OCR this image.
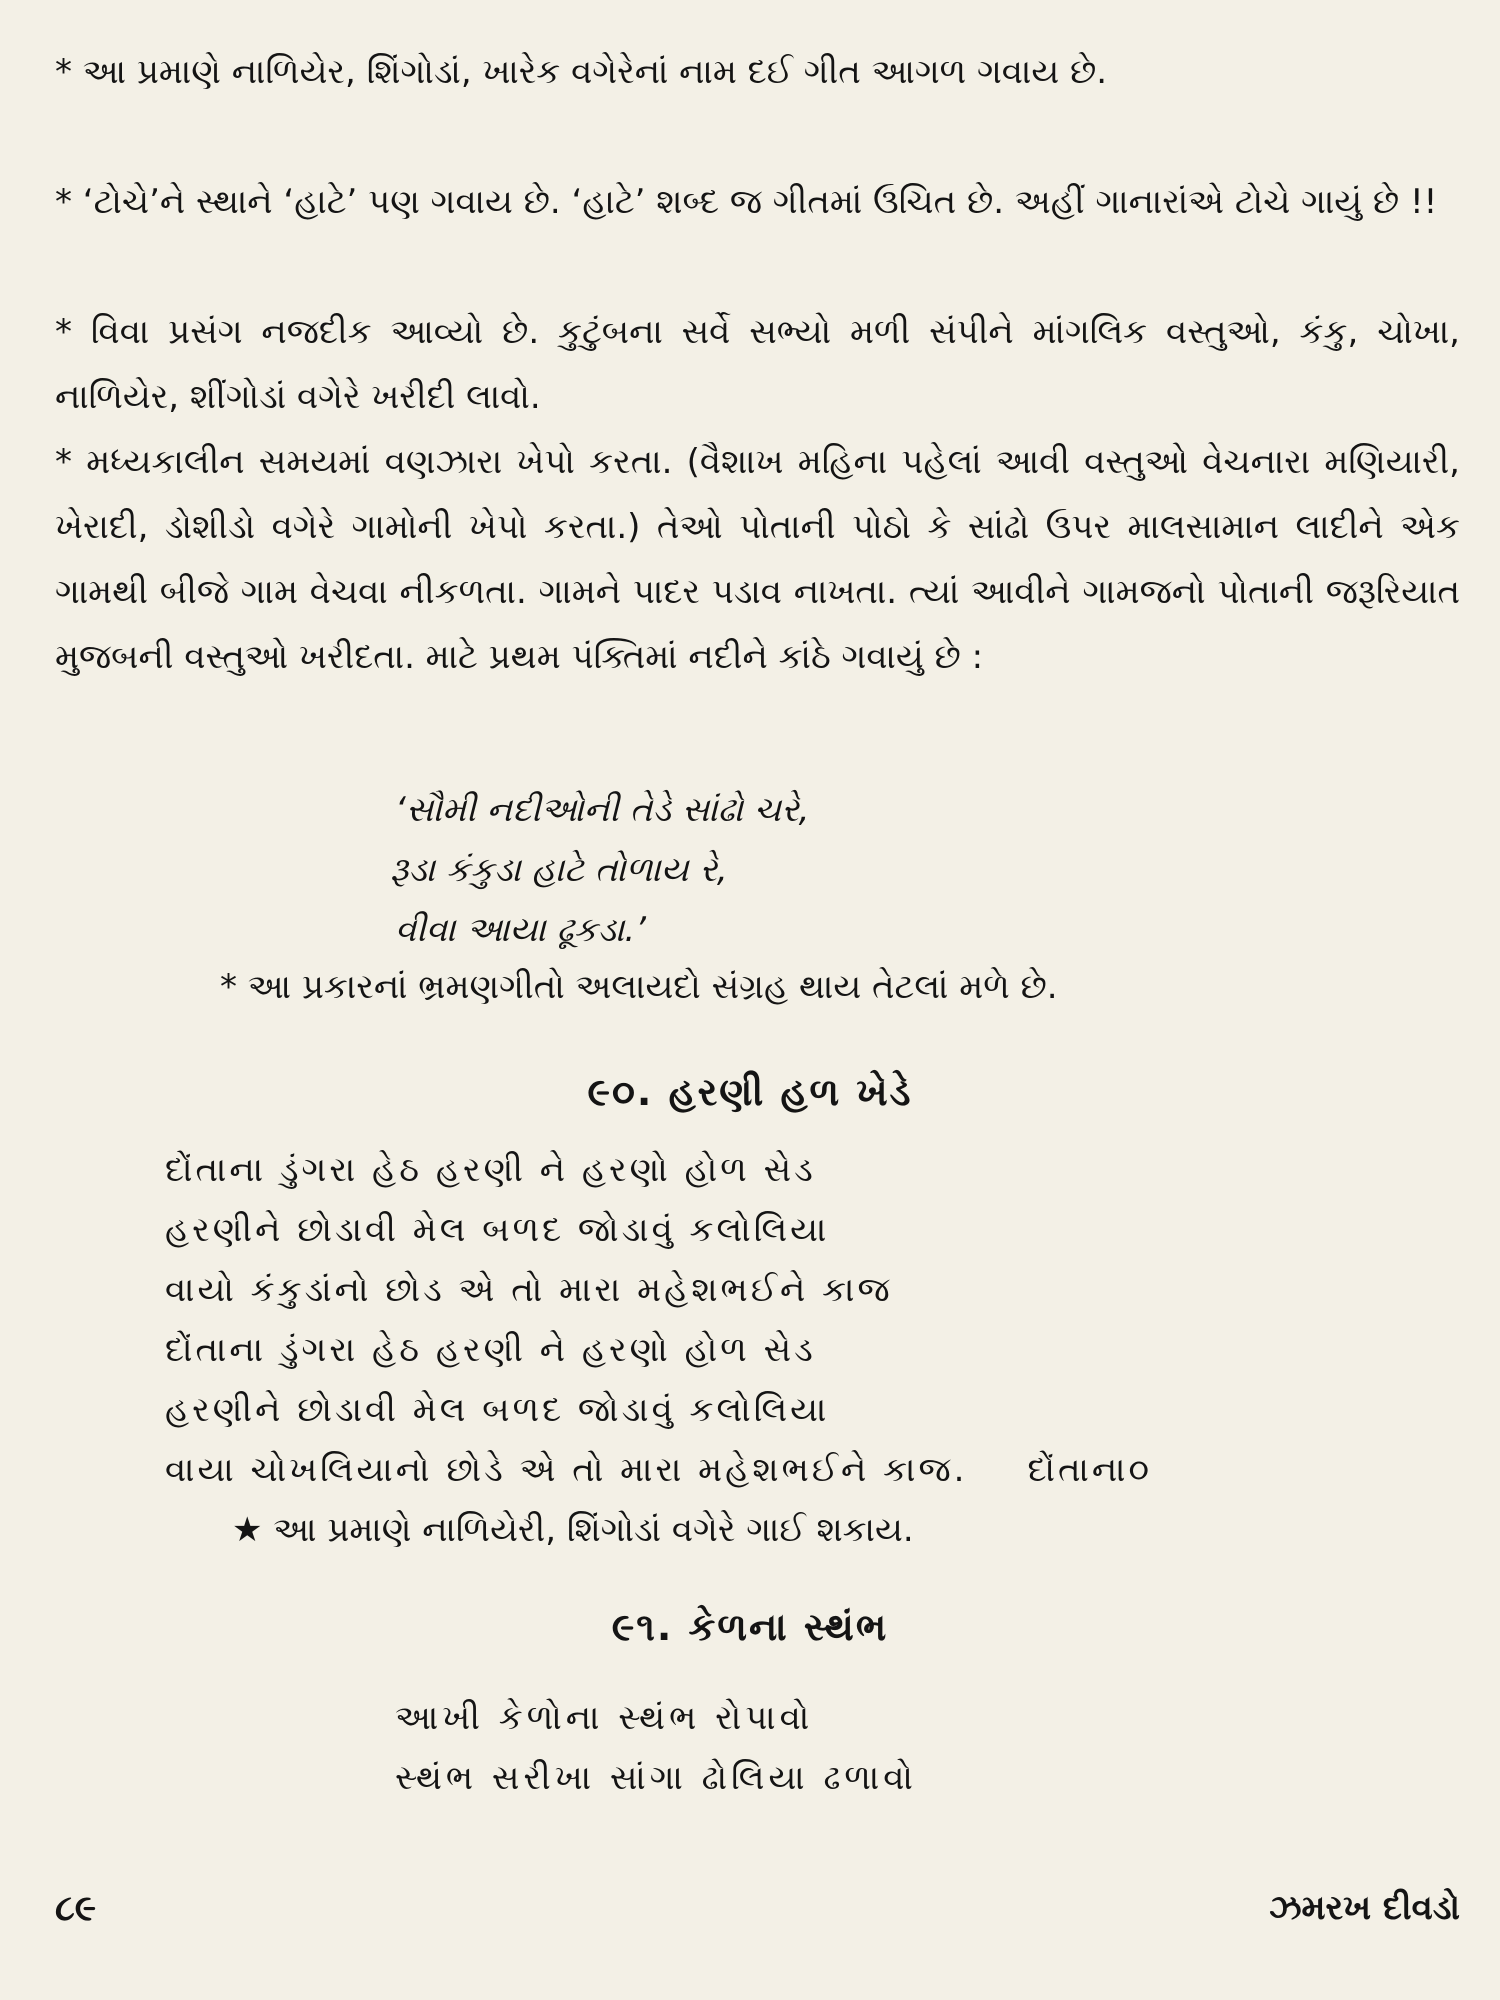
* આ પ્રમાણે નાળિયેર, શિંગોડાં, ખારેક વગેરેનાં નામ દઈ ગીત આગળ ગવાય છે.

* ‘ટોચે’ને સ્થાને ‘હાટે’ પણ ગવાય છે. ‘હાટે’ શબ્દ જ ગીતમાં ઉચિત છે. અહીં ગાનારાંએ ટોચે ગાયું છે !!

* વિવા પ્રસંગ નજદીક આવ્યો છે. કુટુંબના સર્વે સભ્યો મળી સંપીને માંગલિક વસ્તુઓ, કંકુ, ચોખા, નાળિયેર, શીંગોડાં વગેરે ખરીદી લાવો.

* મધ્યકાલીન સમયમાં વણઝારા ખેપો કરતા. (વૈશાખ મહિના પહેલાં આવી વસ્તુઓ વેચનારા મણિયારી, ખેરાદી, ડોશીડો વગેરે ગામોની ખેપો કરતા.) તેઓ પોતાની પોઠો કે સાંઢો ઉપર માલસામાન લાદીને એક ગામથી બીજે ગામ વેચવા નીકળતા. ગામને પાદર પડાવ નાખતા. ત્યાં આવીને ગામજનો પોતાની જરૂરિયાત મુજબની વસ્તુઓ ખરીદતા. માટે પ્રથમ પંક્તિમાં નદીને કાંઠે ગવાયું છે :

‘સૌમી નદીઓની તેડે સાંઢો ચરે,
રૂડા કંકુડા હાટે તોળાય રે,
વીવા આયા ઢૂકડા.’

* આ પ્રકારનાં ભ્રમણગીતો અલાયદો સંગ્રહ થાય તેટલાં મળે છે.

૯૦. હરણી હળ ખેડે
દોંતાના ડુંગરા હેઠ હરણી ને હરણો હોળ સેડ
હરણીને છોડાવી મેલ બળદ જોડાવું કલોલિયા
વાયો કંકુડાંનો છોડ એ તો મારા મહેશભઈને કાજ
દોંતાના ડુંગરા હેઠ હરણી ને હરણો હોળ સેડ
હરણીને છોડાવી મેલ બળદ જોડાવું કલોલિયા
વાયા ચોખલિયાનો છોડે એ તો મારા મહેશભઈને કાજ. દોંતાના૦
★ આ પ્રમાણે નાળિયેરી, શિંગોડાં વગેરે ગાઈ શકાય.
૯૧. કેળના સ્થંભ
આખી કેળોના સ્થંભ રોપાવો
સ્થંભ સરીખા સાંગા ઢોલિયા ઢળાવો
૮૯	ઝમરખ દીવડો
